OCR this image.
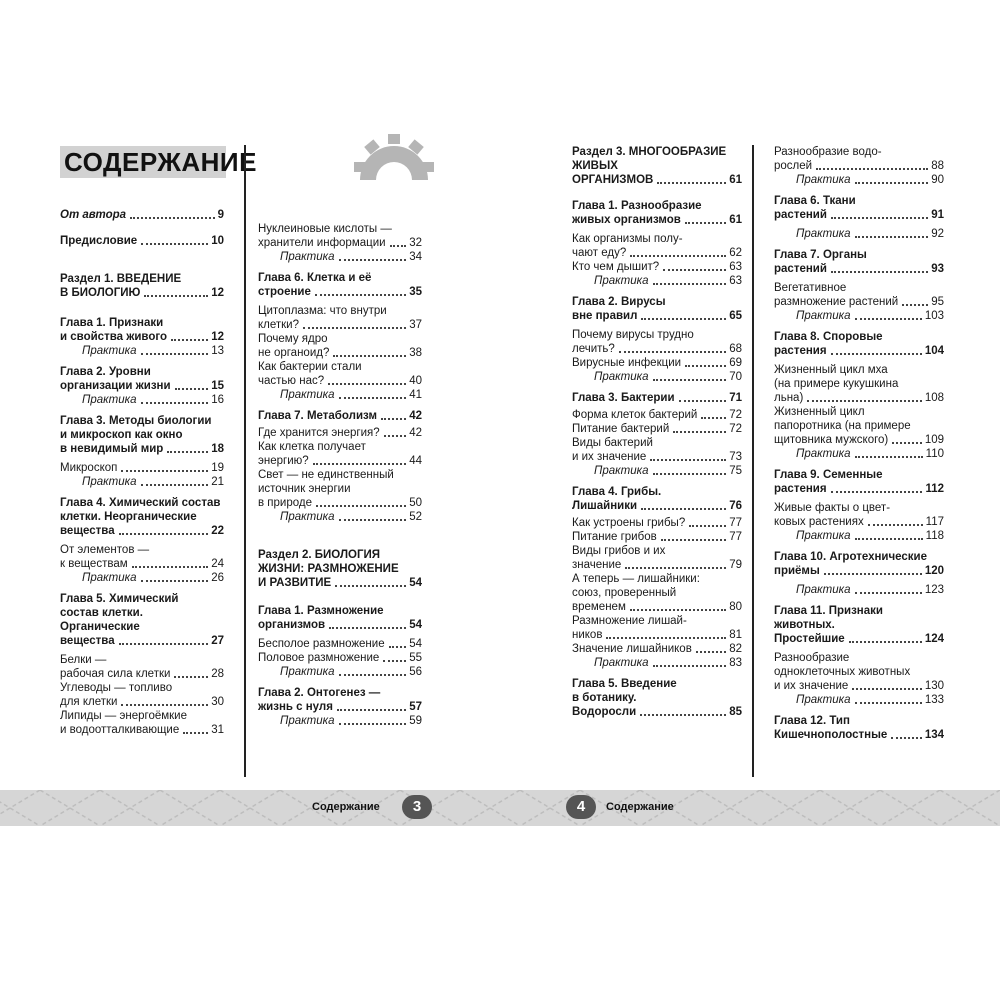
СОДЕРЖАНИЕ
От автора	9
Предисловие	10
Раздел 1. ВВЕДЕНИЕ
В БИОЛОГИЮ	12
Глава 1. Признаки
и свойства живого	12
Практика	13
Глава 2. Уровни
организации жизни	15
Практика	16
Глава 3. Методы биологии
и микроскоп как окно
в невидимый мир	18
Микроскоп	19
Практика	21
Глава 4. Химический состав
клетки. Неорганические
вещества	22
От элементов —
к веществам	24
Практика	26
Глава 5. Химический
состав клетки.
Органические
вещества	27
Белки —
рабочая сила клетки	28
Углеводы — топливо
для клетки	30
Липиды — энергоёмкие
и водоотталкивающие	31
Нуклеиновые кислоты —
хранители информации 32
Практика	34
Глава 6. Клетка и её
строение	35
Цитоплазма: что внутри
клетки?	37
Почему ядро
не органоид?	38
Как бактерии стали
частью нас?	40
Практика	41
Глава 7. Метаболизм	42
Где хранится энергия?	42
Как клетка получает
энергию?	44
Свет — не единственный
источник энергии
в природе	50
Практика	52
Раздел 2. БИОЛОГИЯ
ЖИЗНИ: РАЗМНОЖЕНИЕ
И РАЗВИТИЕ	54
Глава 1. Размножение
организмов	54
Бесполое размножение 54
Половое размножение	55
Практика	56
Глава 2. Онтогенез —
жизнь с нуля	57
Практика	59
Раздел 3. МНОГООБРАЗИЕ
ЖИВЫХ
ОРГАНИЗМОВ	61
Глава 1. Разнообразие
живых организмов	61
Как организмы полу-
чают еду?	62
Кто чем дышит?	63
Практика	63
Глава 2. Вирусы
вне правил	65
Почему вирусы трудно
лечить?	68
Вирусные инфекции	69
Практика	70
Глава 3. Бактерии	71
Форма клеток бактерий	72
Питание бактерий	72
Виды бактерий
и их значение	73
Практика	75
Глава 4. Грибы.
Лишайники	76
Как устроены грибы?	77
Питание грибов	77
Виды грибов и их
значение	79
А теперь — лишайники:
союз, проверенный
временем	80
Размножение лишай-
ников	81
Значение лишайников	82
Практика	83
Глава 5. Введение
в ботанику.
Водоросли	85
Разнообразие водо-
рослей	88
Практика	90
Глава 6. Ткани
растений	91
Практика	92
Глава 7. Органы
растений	93
Вегетативное
размножение растений	95
Практика	103
Глава 8. Споровые
растения	104
Жизненный цикл мха
(на примере кукушкина
льна)	108
Жизненный цикл
папоротника (на примере
щитовника мужского)	109
Практика	110
Глава 9. Семенные
растения	112
Живые факты о цвет-
ковых растениях	117
Практика	118
Глава 10. Агротехнические
приёмы	120
Практика	123
Глава 11. Признаки
животных.
Простейшие	124
Разнообразие
одноклеточных животных
и их значение	130
Практика	133
Глава 12. Тип
Кишечнополостные	134
Содержание	3	4	Содержание
